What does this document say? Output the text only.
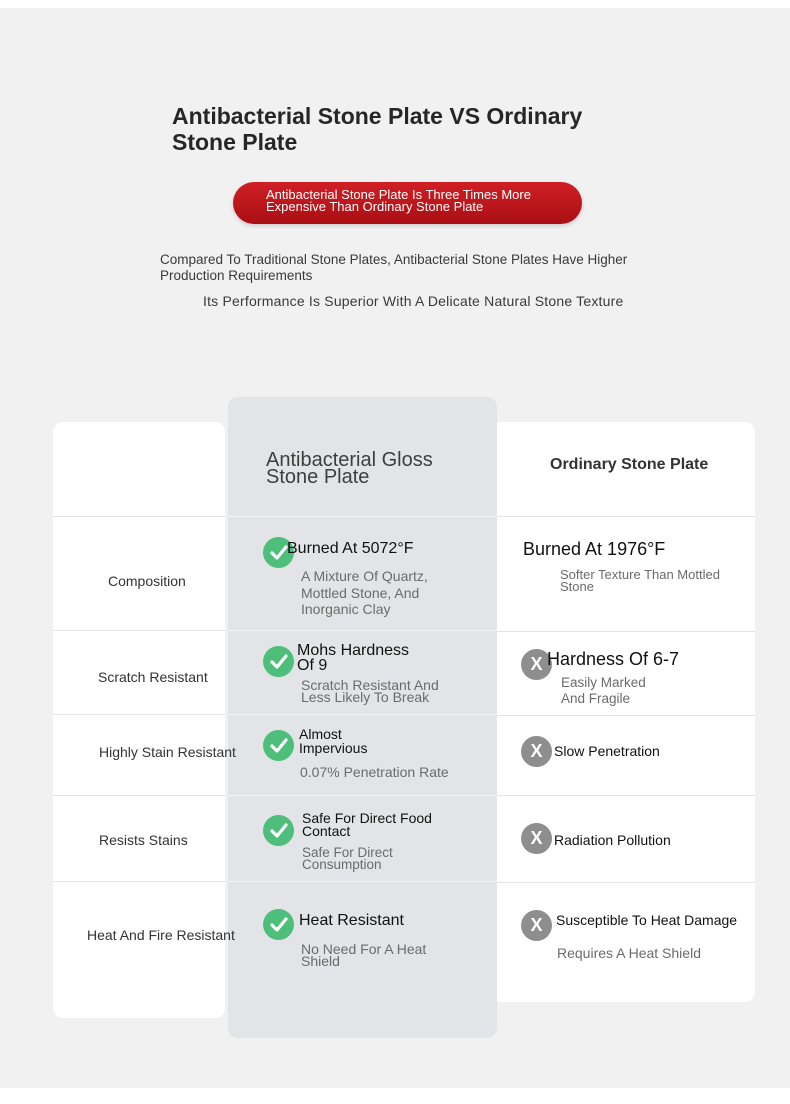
Antibacterial Stone Plate VS Ordinary Stone Plate
Antibacterial Stone Plate Is Three Times More Expensive Than Ordinary Stone Plate
Compared To Traditional Stone Plates, Antibacterial Stone Plates Have Higher Production Requirements
Its Performance Is Superior With A Delicate Natural Stone Texture
Antibacterial Gloss Stone Plate
Ordinary Stone Plate
Composition
Scratch Resistant
Highly Stain Resistant
Resists Stains
Heat And Fire Resistant
Burned At 5072°F
A Mixture Of Quartz, Mottled Stone, And Inorganic Clay
Mohs Hardness Of 9
Scratch Resistant And Less Likely To Break
Almost Impervious
0.07% Penetration Rate
Safe For Direct Food Contact
Safe For Direct Consumption
Heat Resistant
No Need For A Heat Shield
Burned At 1976°F
Softer Texture Than Mottled Stone
X Hardness Of 6-7
Easily Marked And Fragile
X Slow Penetration
X Radiation Pollution
X Susceptible To Heat Damage
Requires A Heat Shield
